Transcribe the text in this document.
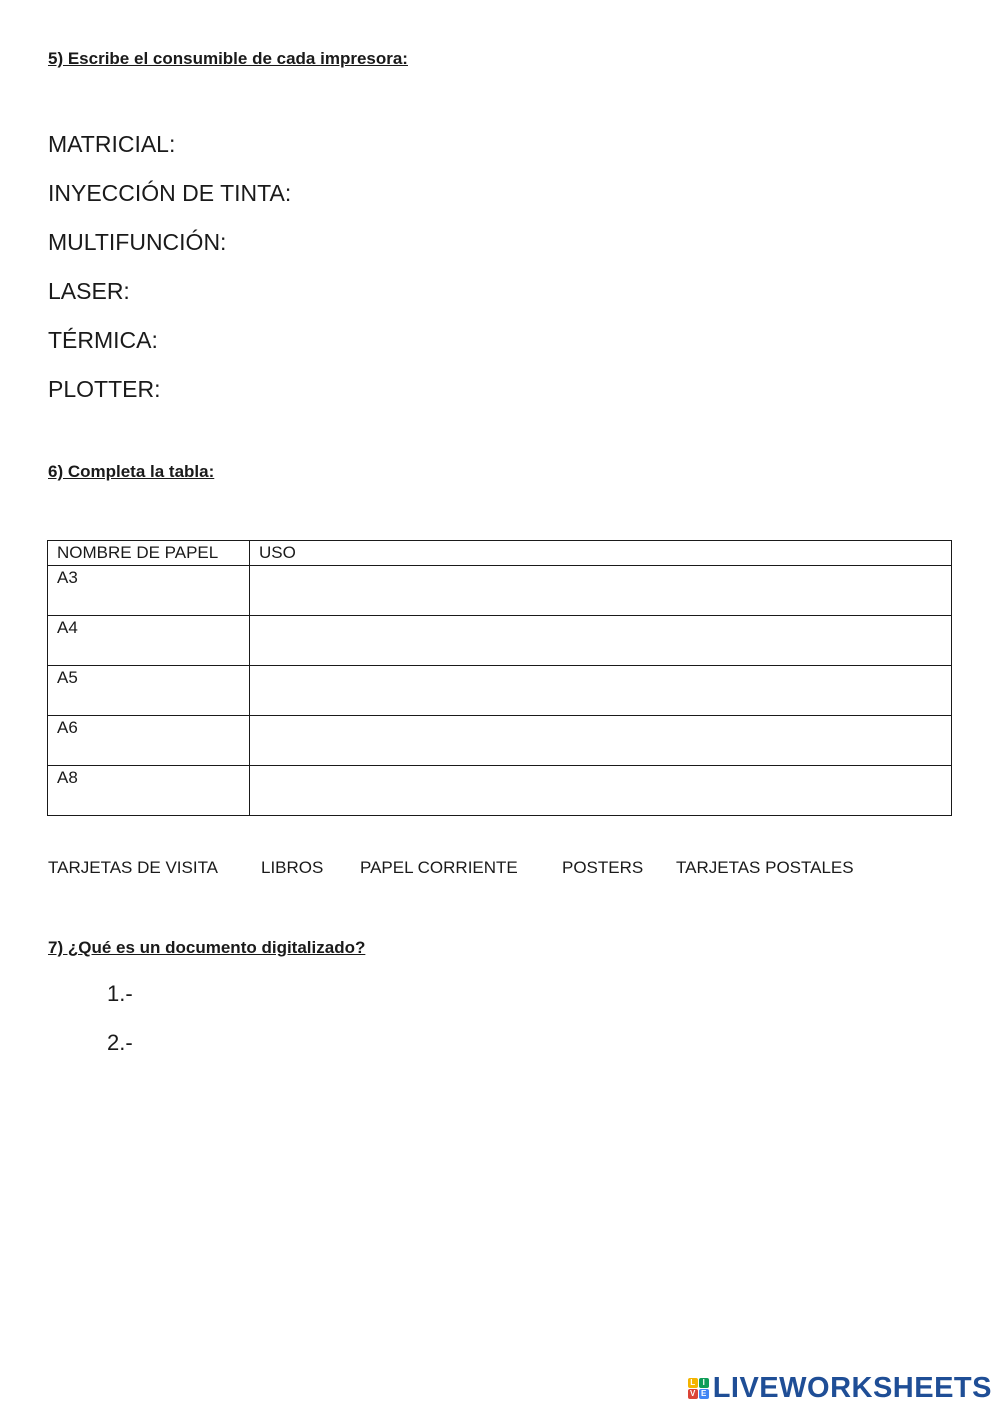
5) Escribe el consumible de cada impresora:

MATRICIAL:
INYECCIÓN DE TINTA:
MULTIFUNCIÓN:
LASER:
TÉRMICA:
PLOTTER:

6) Completa la tabla:

NOMBRE DE PAPEL	USO
A3	
A4	
A5	
A6	
A8	
TARJETAS DE VISITA	LIBROS PAPEL CORRIENTE	POSTERS TARJETAS POSTALES

7) ¿Qué es un documento digitalizado?

1.-
2.-
L I
V E LIVEWORKSHEETS
